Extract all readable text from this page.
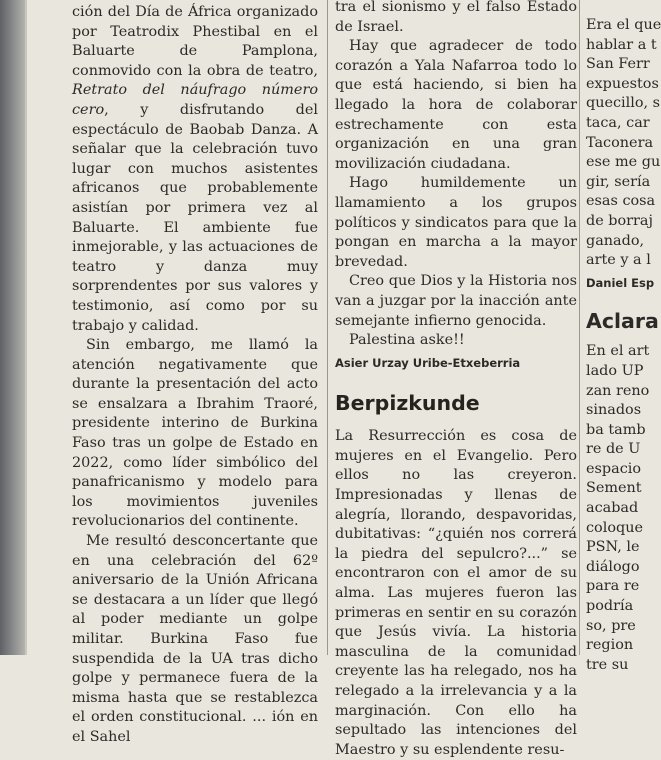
ción del Día de África organizado por Teatrodix Phestibal en el Baluarte de Pamplona, conmovido con la obra de teatro, Retrato del náufrago número cero, y disfrutando del espectáculo de Baobab Danza. A señalar que la celebración tuvo lugar con muchos asistentes africanos que probablemente asistían por primera vez al Baluarte. El ambiente fue inmejorable, y las actuaciones de teatro y danza muy sorprendentes por sus valores y testimonio, así como por su trabajo y calidad.

Sin embargo, me llamó la atención negativamente que durante la presentación del acto se ensalzara a Ibrahim Traoré, presidente interino de Burkina Faso tras un golpe de Estado en 2022, como líder simbólico del panafricanismo y modelo para los movimientos juveniles revolucionarios del continente.

Me resultó desconcertante que en una celebración del 62º aniversario de la Unión Africana se destacara a un líder que llegó al poder mediante un golpe militar. Burkina Faso fue suspendida de la UA tras dicho golpe y permanece fuera de la misma hasta que se restablezca el orden constitucional. ... ión en el Sahel

tra el sionismo y el falso Estado de Israel.

Hay que agradecer de todo corazón a Yala Nafarroa todo lo que está haciendo, si bien ha llegado la hora de colaborar estrechamente con esta organización en una gran movilización ciudadana.

Hago humildemente un llamamiento a los grupos políticos y sindicatos para que la pongan en marcha a la mayor brevedad.

Creo que Dios y la Historia nos van a juzgar por la inacción ante semejante infierno genocida.

Palestina aske!!

Asier Urzay Uribe-Etxeberria
Berpizkunde

La Resurrección es cosa de mujeres en el Evangelio. Pero ellos no las creyeron. Impresionadas y llenas de alegría, llorando, despavoridas, dubitativas: “¿quién nos correrá la piedra del sepulcro?...” se encontraron con el amor de su alma. Las mujeres fueron las primeras en sentir en su corazón que Jesús vivía. La historia masculina de la comunidad creyente las ha relegado, nos ha relegado a la irrelevancia y a la marginación. Con ello ha sepultado las intenciones del Maestro y su esplendente resu-

Era el que
hablar a t
San Ferr
expuestos
quecillo, s
taca, car
Taconera
ese me gu
gir, sería
esas cosa
de borraj
ganado,
arte y a l
Daniel Esp
Aclara
En el art
lado UP
zan reno
sinados
ba tamb
re de U
espacio
Sement
acabad
coloque
PSN, le
diálogo
para re
podría
so, pre
region
tre su
